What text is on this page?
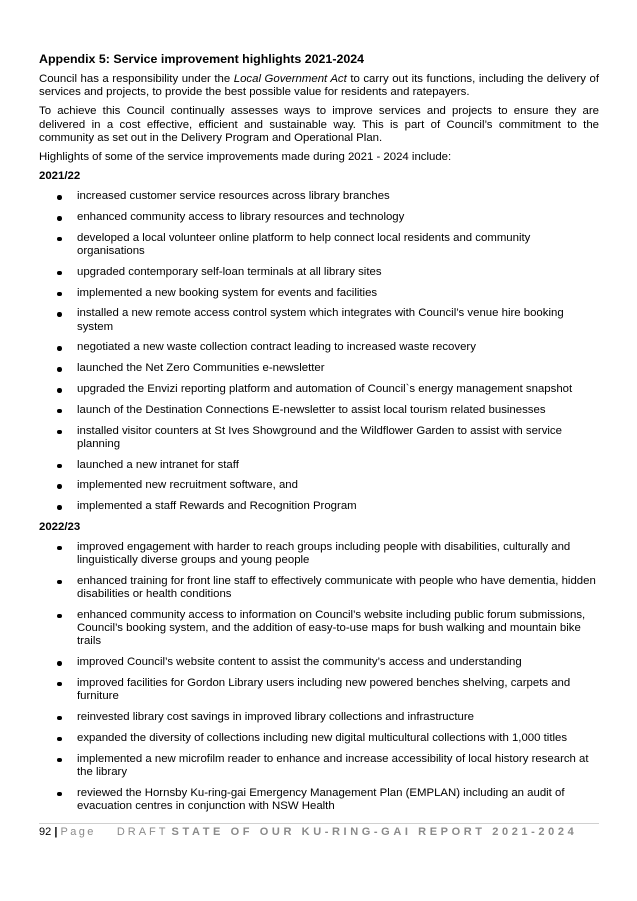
Appendix 5: Service improvement highlights 2021-2024

Council has a responsibility under the Local Government Act to carry out its functions, including the delivery of services and projects, to provide the best possible value for residents and ratepayers.

To achieve this Council continually assesses ways to improve services and projects to ensure they are delivered in a cost effective, efficient and sustainable way. This is part of Council’s commitment to the community as set out in the Delivery Program and Operational Plan.

Highlights of some of the service improvements made during 2021 - 2024 include:

2021/22
increased customer service resources across library branches
enhanced community access to library resources and technology
developed a local volunteer online platform to help connect local residents and community organisations
upgraded contemporary self-loan terminals at all library sites
implemented a new booking system for events and facilities
installed a new remote access control system which integrates with Council’s venue hire booking system
negotiated a new waste collection contract leading to increased waste recovery
launched the Net Zero Communities e-newsletter
upgraded the Envizi reporting platform and automation of Council`s energy management snapshot
launch of the Destination Connections E-newsletter to assist local tourism related businesses
installed visitor counters at St Ives Showground and the Wildflower Garden to assist with service planning
launched a new intranet for staff
implemented new recruitment software, and
implemented a staff Rewards and Recognition Program
2022/23
improved engagement with harder to reach groups including people with disabilities, culturally and linguistically diverse groups and young people
enhanced training for front line staff to effectively communicate with people who have dementia, hidden disabilities or health conditions
enhanced community access to information on Council’s website including public forum submissions, Council’s booking system, and the addition of easy-to-use maps for bush walking and mountain bike trails
improved Council’s website content to assist the community’s access and understanding
improved facilities for Gordon Library users including new powered benches shelving, carpets and furniture
reinvested library cost savings in improved library collections and infrastructure
expanded the diversity of collections including new digital multicultural collections with 1,000 titles
implemented a new microfilm reader to enhance and increase accessibility of local history research at the library
reviewed the Hornsby Ku-ring-gai Emergency Management Plan (EMPLAN) including an audit of evacuation centres in conjunction with NSW Health
92 | Page DRAFT STATE OF OUR KU-RING-GAI REPORT 2021-2024
